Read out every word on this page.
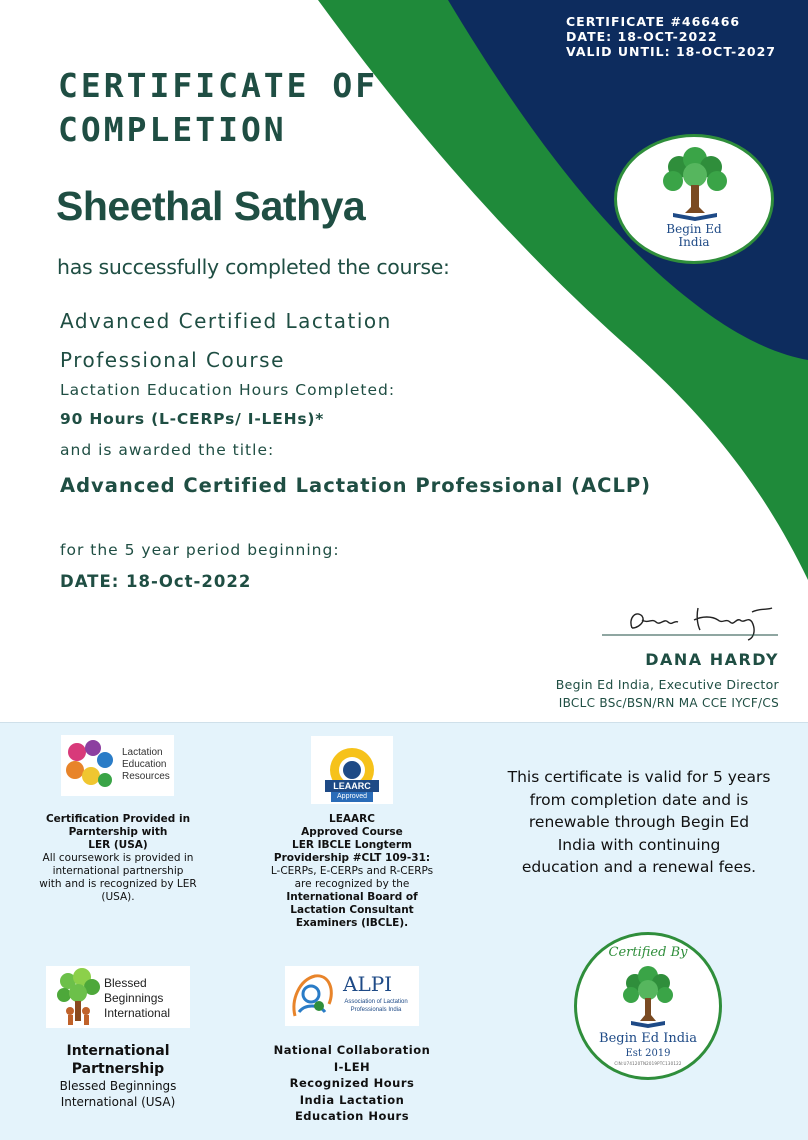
CERTIFICATE #466466
DATE: 18-OCT-2022
VALID UNTIL: 18-OCT-2027
Begin Ed
India
CERTIFICATE OF
COMPLETION
Sheethal Sathya
has successfully completed the course:
Advanced Certified Lactation
Professional Course
Lactation Education Hours Completed:
90 Hours (L-CERPs/ I-LEHs)*
and is awarded the title:
Advanced Certified Lactation Professional (ACLP)
for the 5 year period beginning:
DATE: 18-Oct-2022
DANA HARDY
Begin Ed India, Executive Director
IBCLC BSc/BSN/RN MA CCE IYCF/CS
Lactation
Education
Resources
Certification Provided in
Parntership with
LER (USA)
All coursework is provided in
international partnership
with and is recognized by LER
(USA).
LEAARC
Approved
LEAARC
Approved Course
LER IBCLE Longterm
Providership #CLT 109-31:
L-CERPs, E-CERPs and R-CERPs
are recognized by the
International Board of
Lactation Consultant
Examiners (IBCLE).
This certificate is valid for 5 years
from completion date and is
renewable through Begin Ed
India with continuing
education and a renewal fees.
Blessed
Beginnings
International
International
Partnership
Blessed Beginnings
International (USA)
ALPI
Association of Lactation
Professionals India
National Collaboration
I-LEH
Recognized Hours
India Lactation
Education Hours
Certified By
Begin Ed India
Est 2019
CIN:U74120TN2019PTC130122
